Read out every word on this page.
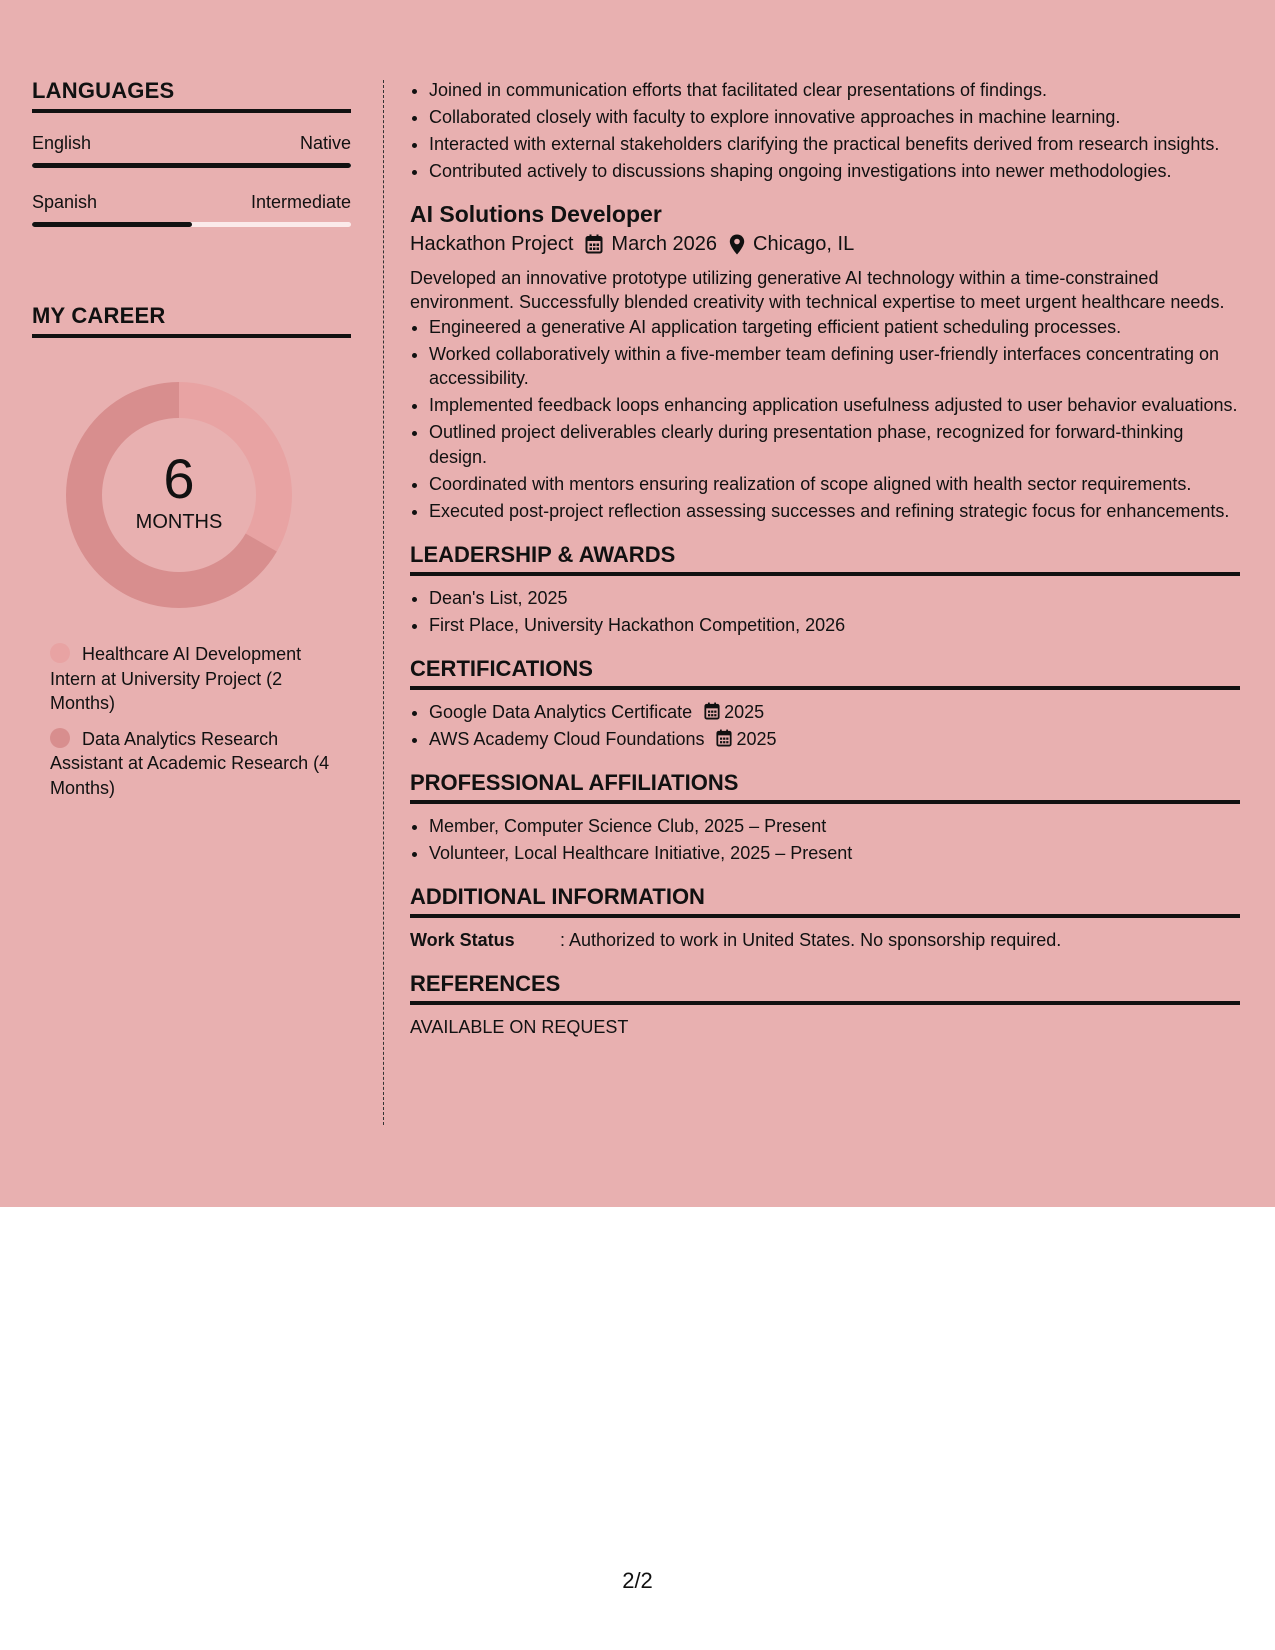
LANGUAGES
English	Native
Spanish	Intermediate
MY CAREER
6
MONTHS
Healthcare AI Development Intern at University Project (2 Months)
Data Analytics Research Assistant at Academic Research (4 Months)
• Joined in communication efforts that facilitated clear presentations of findings.
• Collaborated closely with faculty to explore innovative approaches in machine learning.
• Interacted with external stakeholders clarifying the practical benefits derived from research insights.
• Contributed actively to discussions shaping ongoing investigations into newer methodologies.
AI Solutions Developer
Hackathon Project March 2026 Chicago, IL
Developed an innovative prototype utilizing generative AI technology within a time-constrained environment. Successfully blended creativity with technical expertise to meet urgent healthcare needs.
• Engineered a generative AI application targeting efficient patient scheduling processes.
• Worked collaboratively within a five-member team defining user-friendly interfaces concentrating on accessibility.
• Implemented feedback loops enhancing application usefulness adjusted to user behavior evaluations.
• Outlined project deliverables clearly during presentation phase, recognized for forward-thinking design.
• Coordinated with mentors ensuring realization of scope aligned with health sector requirements.
• Executed post-project reflection assessing successes and refining strategic focus for enhancements.
LEADERSHIP & AWARDS
• Dean's List, 2025
• First Place, University Hackathon Competition, 2026
CERTIFICATIONS
• Google Data Analytics Certificate 2025
• AWS Academy Cloud Foundations 2025
PROFESSIONAL AFFILIATIONS
• Member, Computer Science Club, 2025 – Present
• Volunteer, Local Healthcare Initiative, 2025 – Present
ADDITIONAL INFORMATION
Work Status	: Authorized to work in United States. No sponsorship required.
REFERENCES
AVAILABLE ON REQUEST
2/2
